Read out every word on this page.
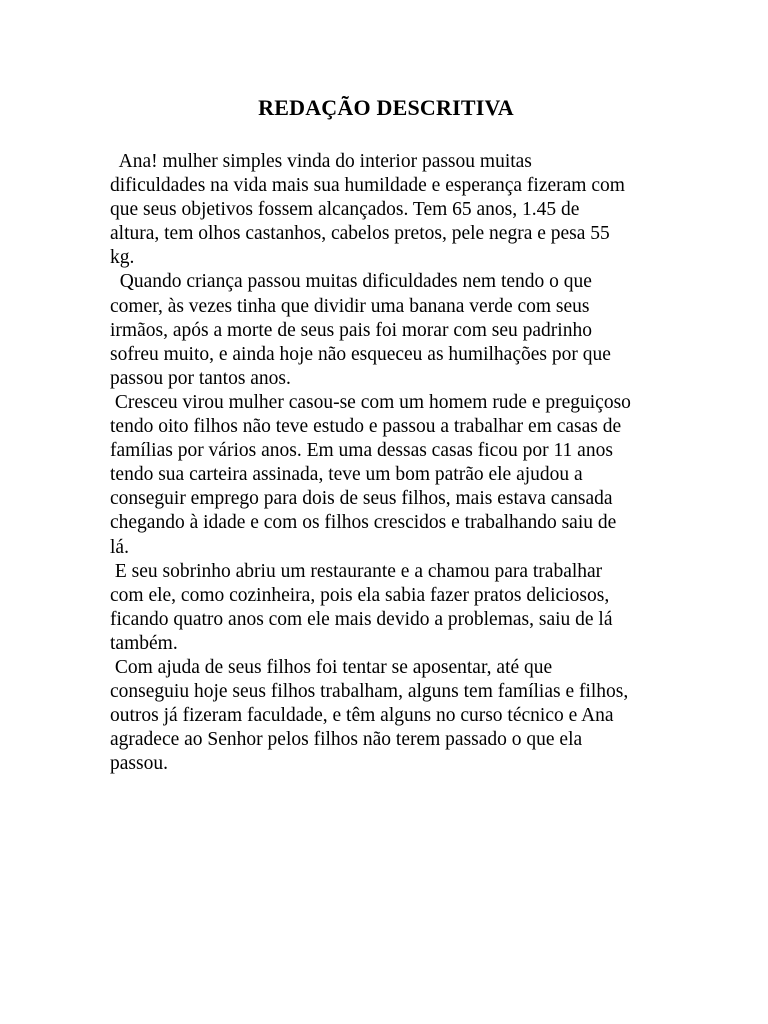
REDAÇÃO DESCRITIVA
Ana! mulher simples vinda do interior passou muitas
dificuldades na vida mais sua humildade e esperança fizeram com
que seus objetivos fossem alcançados. Tem 65 anos, 1.45 de
altura, tem olhos castanhos, cabelos pretos, pele negra e pesa 55
kg.
Quando criança passou muitas dificuldades nem tendo o que
comer, às vezes tinha que dividir uma banana verde com seus
irmãos, após a morte de seus pais foi morar com seu padrinho
sofreu muito, e ainda hoje não esqueceu as humilhações por que
passou por tantos anos.
Cresceu virou mulher casou-se com um homem rude e preguiçoso
tendo oito filhos não teve estudo e passou a trabalhar em casas de
famílias por vários anos. Em uma dessas casas ficou por 11 anos
tendo sua carteira assinada, teve um bom patrão ele ajudou a
conseguir emprego para dois de seus filhos, mais estava cansada
chegando à idade e com os filhos crescidos e trabalhando saiu de
lá.
E seu sobrinho abriu um restaurante e a chamou para trabalhar
com ele, como cozinheira, pois ela sabia fazer pratos deliciosos,
ficando quatro anos com ele mais devido a problemas, saiu de lá
também.
Com ajuda de seus filhos foi tentar se aposentar, até que
conseguiu hoje seus filhos trabalham, alguns tem famílias e filhos,
outros já fizeram faculdade, e têm alguns no curso técnico e Ana
agradece ao Senhor pelos filhos não terem passado o que ela
passou.
